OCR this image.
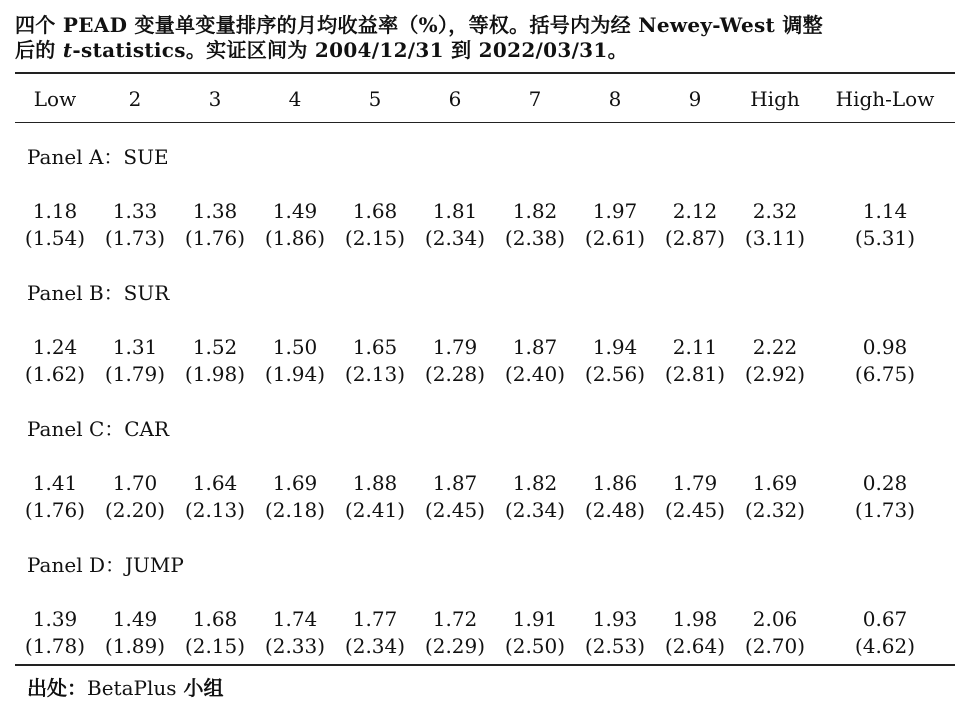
四个 PEAD 变量单变量排序的月均收益率（%），等权。括号内为经 Newey-West 调整
后的 t-statistics。实证区间为 2004/12/31 到 2022/03/31。
Low	2	3	4	5	6	7	8	9	High	High-Low
Panel A：SUE
1.18	1.33	1.38	1.49	1.68	1.81	1.82	1.97	2.12	2.32	1.14
(1.54) (1.73) (1.76) (1.86) (2.15) (2.34) (2.38) (2.61) (2.87) (3.11)	(5.31)
Panel B：SUR
1.24	1.31	1.52	1.50	1.65	1.79	1.87	1.94	2.11	2.22	0.98
(1.62) (1.79) (1.98) (1.94) (2.13) (2.28) (2.40) (2.56) (2.81) (2.92)	(6.75)
Panel C：CAR
1.41	1.70	1.64	1.69	1.88	1.87	1.82	1.86	1.79	1.69	0.28
(1.76) (2.20) (2.13) (2.18) (2.41) (2.45) (2.34) (2.48) (2.45) (2.32)	(1.73)
Panel D：JUMP
1.39	1.49	1.68	1.74	1.77	1.72	1.91	1.93	1.98	2.06	0.67
(1.78) (1.89) (2.15) (2.33) (2.34) (2.29) (2.50) (2.53) (2.64) (2.70)	(4.62)
出处：BetaPlus 小组
